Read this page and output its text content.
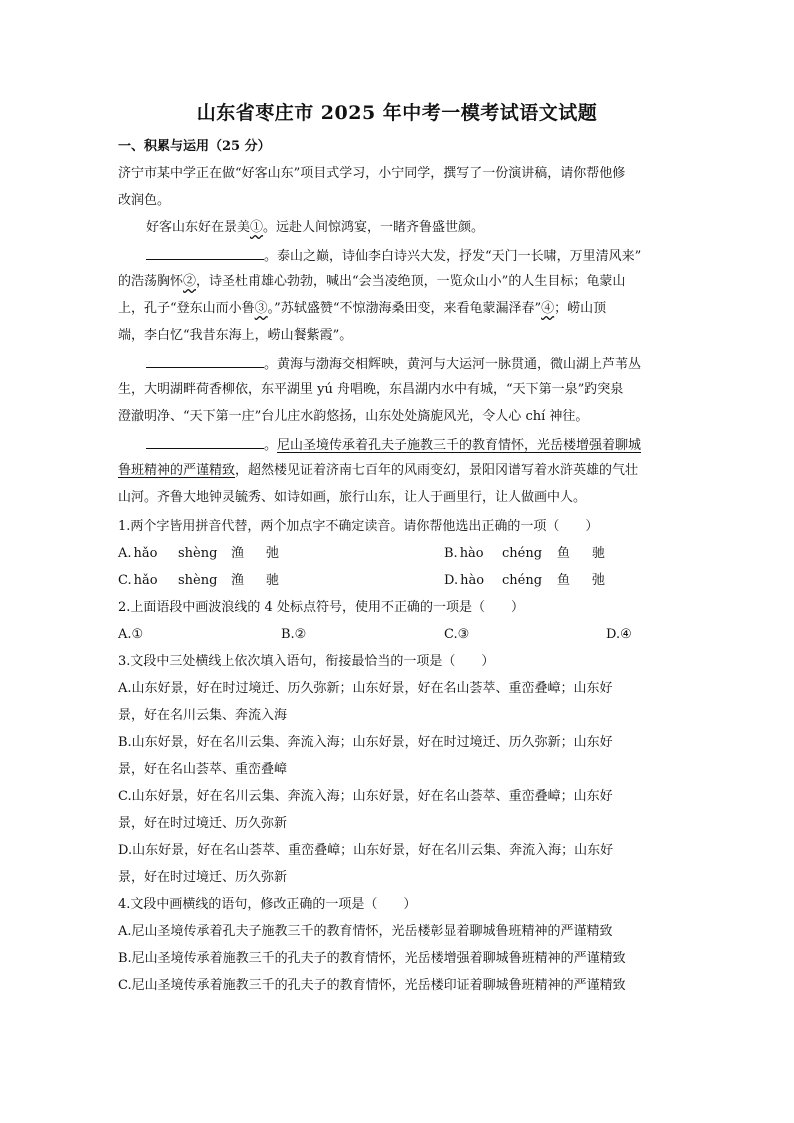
山东省枣庄市 2025 年中考一模考试语文试题
一、积累与运用（25 分）
济宁市某中学正在做“好客山东”项目式学习，小宁同学，撰写了一份演讲稿，请你帮他修
改润色。
好客山东好在景美①。远赴人间惊鸿宴，一睹齐鲁盛世颜。
。泰山之巅，诗仙李白诗兴大发，抒发“天门一长啸，万里清风来”
的浩荡胸怀②，诗圣杜甫雄心勃勃，喊出“会当凌绝顶，一览众山小”的人生目标；龟蒙山
上，孔子“登东山而小鲁③。”苏轼盛赞“不惊渤海桑田变，来看龟蒙漏泽春”④；崂山顶
端，李白忆“我昔东海上，崂山餐紫霞”。
。黄海与渤海交相辉映，黄河与大运河一脉贯通，微山湖上芦苇丛
生，大明湖畔荷香柳依，东平湖里 yú 舟唱晚，东昌湖内水中有城，“天下第一泉”趵突泉
澄澈明净、“天下第一庄”台儿庄水韵悠扬，山东处处旖旎风光，令人心 chí 神往。
。尼山圣境传承着孔夫子施教三千的教育情怀，光岳楼增强着聊城
鲁班精神的严谨精致，超然楼见证着济南七百年的风雨变幻，景阳冈谱写着水浒英雄的气壮
山河。齐鲁大地钟灵毓秀、如诗如画，旅行山东，让人于画里行，让人做画中人。
1.两个字皆用拼音代替，两个加点字不确定读音。请你帮他选出正确的一项（　　）
A. hǎo shèng 渔 弛	B. hào chéng 鱼 驰
C. hǎo shèng 渔 驰	D. hào chéng 鱼 弛
2.上面语段中画波浪线的 4 处标点符号，使用不正确的一项是（　　）
A.①	B.②	C.③	D.④
3.文段中三处横线上依次填入语句，衔接最恰当的一项是（　　）
A.山东好景，好在时过境迁、历久弥新；山东好景，好在名山荟萃、重峦叠嶂；山东好
景，好在名川云集、奔流入海
B.山东好景，好在名川云集、奔流入海；山东好景，好在时过境迁、历久弥新；山东好
景，好在名山荟萃、重峦叠嶂
C.山东好景，好在名川云集、奔流入海；山东好景，好在名山荟萃、重峦叠嶂；山东好
景，好在时过境迁、历久弥新
D.山东好景，好在名山荟萃、重峦叠嶂；山东好景，好在名川云集、奔流入海；山东好
景，好在时过境迁、历久弥新
4.文段中画横线的语句，修改正确的一项是（　　）
A.尼山圣境传承着孔夫子施教三千的教育情怀，光岳楼彰显着聊城鲁班精神的严谨精致
B.尼山圣境传承着施教三千的孔夫子的教育情怀，光岳楼增强着聊城鲁班精神的严谨精致
C.尼山圣境传承着施教三千的孔夫子的教育情怀，光岳楼印证着聊城鲁班精神的严谨精致
